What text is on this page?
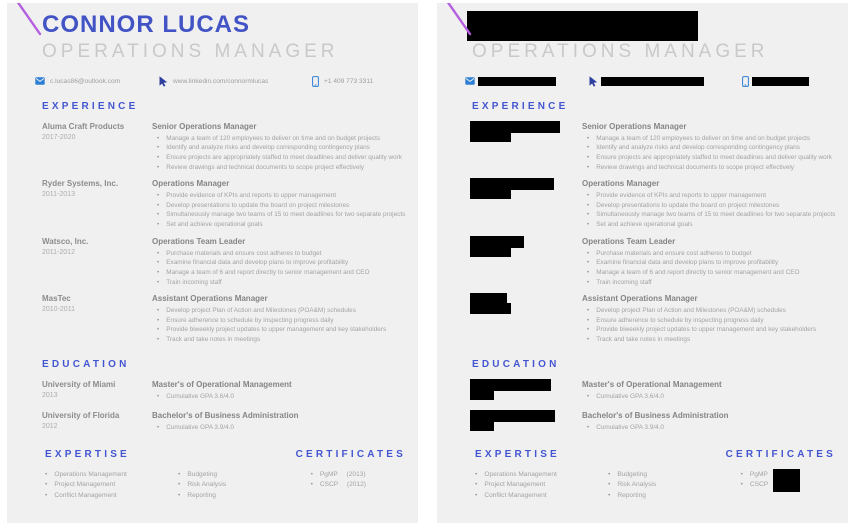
CONNOR LUCAS
OPERATIONS MANAGER
c.lucas86@outlook.com	www.linkedin.com/connormlucas	+1 409 773 3311
EXPERIENCE
Aluma Craft Products
2017-2020
Senior Operations Manager
• Manage a team of 120 employees to deliver on time and on budget projects
• Identify and analyze risks and develop corresponding contingency plans
• Ensure projects are appropriately staffed to meet deadlines and deliver quality work
• Review drawings and technical documents to scope project effectively
Ryder Systems, Inc.
2011-2013
Operations Manager
• Provide evidence of KPIs and reports to upper management
• Develop presentations to update the board on project milestones
• Simultaneously manage two teams of 15 to meet deadlines for two separate projects
• Set and achieve operational goals
Watsco, Inc.
2011-2012
Operations Team Leader
• Purchase materials and ensure cost adheres to budget
• Examine financial data and develop plans to improve profitability
• Manage a team of 6 and report directly to senior management and CEO
• Train incoming staff
MasTec
2010-2011
Assistant Operations Manager
• Develop project Plan of Action and Milestones (POA&M) schedules
• Ensure adherence to schedule by inspecting progress daily
• Provide biweekly project updates to upper management and key stakeholders
• Track and take notes in meetings
EDUCATION
University of Miami
2013
Master's of Operational Management
• Cumulative GPA 3.6/4.0
University of Florida
2012
Bachelor's of Business Administration
• Cumulative GPA 3.9/4.0
EXPERTISE
• Operations Management
• Project Management
• Conflict Management
• Budgeting
• Risk Analysis
• Reporting
CERTIFICATES
• PgMP (2013)
• CSCP (2012)
OPERATIONS MANAGER
EXPERIENCE
Senior Operations Manager
• Manage a team of 120 employees to deliver on time and on budget projects
• Identify and analyze risks and develop corresponding contingency plans
• Ensure projects are appropriately staffed to meet deadlines and deliver quality work
• Review drawings and technical documents to scope project effectively
Operations Manager
• Provide evidence of KPIs and reports to upper management
• Develop presentations to update the board on project milestones
• Simultaneously manage two teams of 15 to meet deadlines for two separate projects
• Set and achieve operational goals
Operations Team Leader
• Purchase materials and ensure cost adheres to budget
• Examine financial data and develop plans to improve profitability
• Manage a team of 6 and report directly to senior management and CEO
• Train incoming staff
Assistant Operations Manager
• Develop project Plan of Action and Milestones (POA&M) schedules
• Ensure adherence to schedule by inspecting progress daily
• Provide biweekly project updates to upper management and key stakeholders
• Track and take notes in meetings
EDUCATION
Master's of Operational Management
• Cumulative GPA 3.6/4.0
Bachelor's of Business Administration
• Cumulative GPA 3.9/4.0
EXPERTISE
• Operations Management
• Project Management
• Conflict Management
• Budgeting
• Risk Analysis
• Reporting
CERTIFICATES
• PgMP
• CSCP
